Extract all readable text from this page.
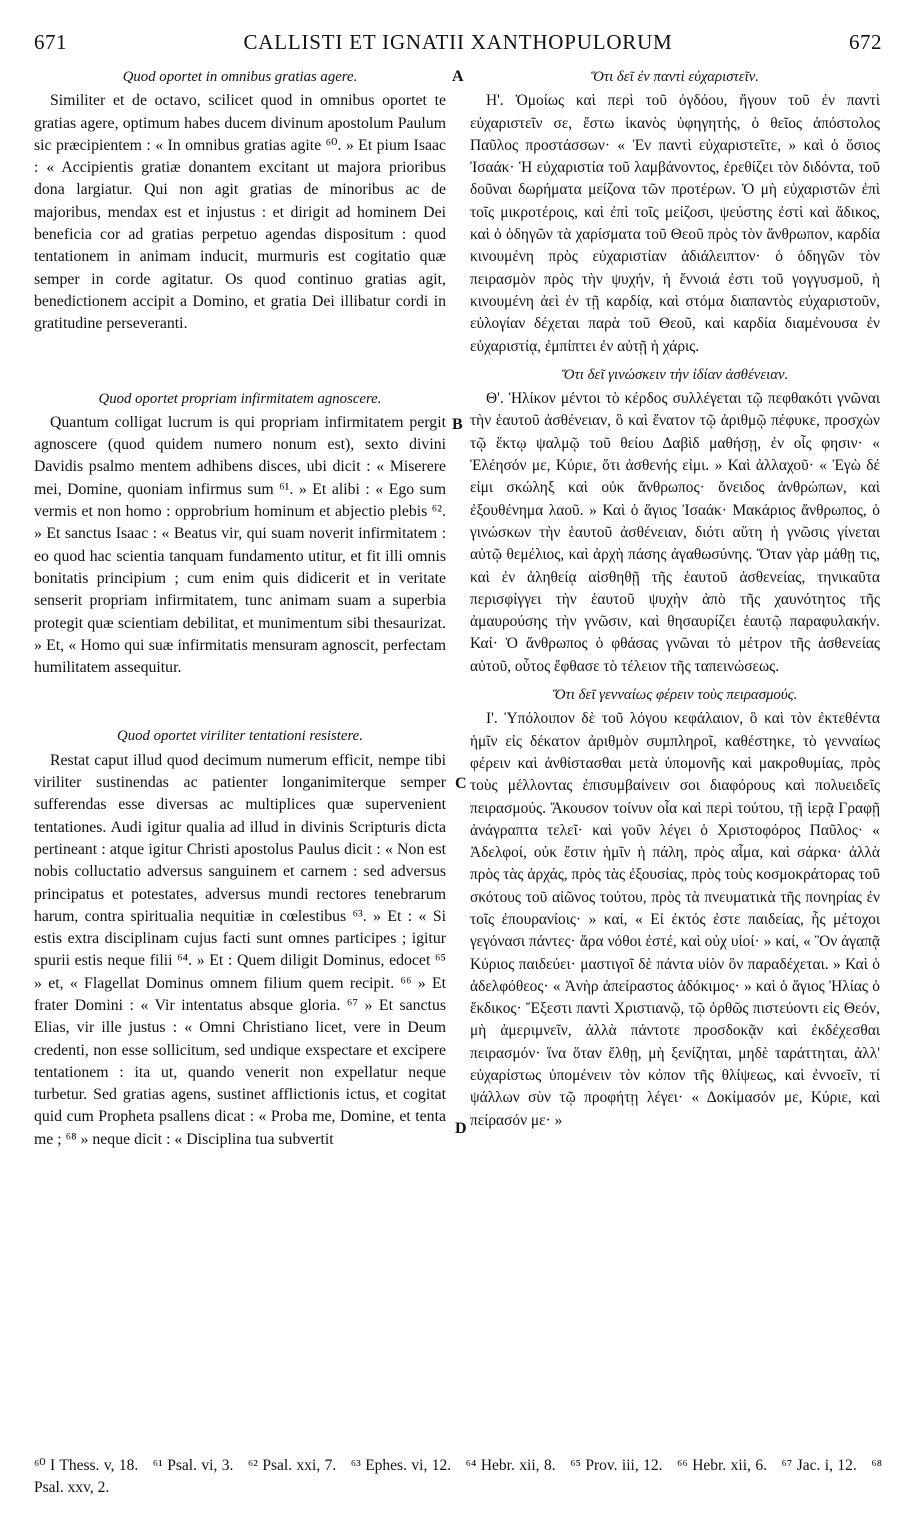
671	CALLISTI ET IGNATII XANTHOPULORUM	672

Quod oportet in omnibus gratias agere.

Similiter et de octavo, scilicet quod in omnibus oportet te gratias agere, optimum habes ducem divinum apostolum Paulum sic præcipientem : « In omnibus gratias agite ⁶⁰. » Et pium Isaac : « Accipientis gratiæ donantem excitant ut majora prioribus dona largiatur. Qui non agit gratias de minoribus ac de majoribus, mendax est et injustus : et dirigit ad hominem Dei beneficia cor ad gratias perpetuo agendas dispositum : quod tentationem in animam inducit, murmuris est cogitatio quæ semper in corde agitatur. Os quod continuo gratias agit, benedictionem accipit a Domino, et gratia Dei illibatur cordi in gratitudine perseveranti.

Quod oportet propriam infirmitatem agnoscere.

Quantum colligat lucrum is qui propriam infirmitatem pergit agnoscere (quod quidem numero nonum est), sexto divini Davidis psalmo mentem adhibens disces, ubi dicit : « Miserere mei, Domine, quoniam infirmus sum ⁶¹. » Et alibi : « Ego sum vermis et non homo : opprobrium hominum et abjectio plebis ⁶². » Et sanctus Isaac : « Beatus vir, qui suam noverit infirmitatem : eo quod hac scientia tanquam fundamento utitur, et fit illi omnis bonitatis principium ; cum enim quis didicerit et in veritate senserit propriam infirmitatem, tunc animam suam a superbia protegit quæ scientiam debilitat, et munimentum sibi thesaurizat. » Et, « Homo qui suæ infirmitatis mensuram agnoscit, perfectam humilitatem assequitur.

Quod oportet viriliter tentationi resistere.

Restat caput illud quod decimum numerum efficit, nempe tibi viriliter sustinendas ac patienter longanimiterque semper sufferendas esse diversas ac multiplices quæ supervenient tentationes. Audi igitur qualia ad illud in divinis Scripturis dicta pertineant : atque igitur Christi apostolus Paulus dicit : « Non est nobis colluctatio adversus sanguinem et carnem : sed adversus principatus et potestates, adversus mundi rectores tenebrarum harum, contra spiritualia nequitiæ in cœlestibus ⁶³. » Et : « Si estis extra disciplinam cujus facti sunt omnes participes ; igitur spurii estis neque filii ⁶⁴. » Et : Quem diligit Dominus, edocet ⁶⁵ » et, « Flagellat Dominus omnem filium quem recipit. ⁶⁶ » Et frater Domini : « Vir intentatus absque gloria. ⁶⁷ » Et sanctus Elias, vir ille justus : « Omni Christiano licet, vere in Deum credenti, non esse sollicitum, sed undique exspectare et excipere tentationem : ita ut, quando venerit non expellatur neque turbetur. Sed gratias agens, sustinet afflictionis ictus, et cogitat quid cum Propheta psallens dicat : « Proba me, Domine, et tenta me ; ⁶⁸ » neque dicit : « Disciplina tua subvertit

Ὅτι δεῖ ἐν παντὶ εὐχαριστεῖν.

Η'. Ὁμοίως καὶ περὶ τοῦ ὀγδόου, ἤγουν τοῦ ἐν παντὶ εὐχαριστεῖν σε, ἔστω ἱκανὸς ὑφηγητής, ὁ θεῖος ἀπόστολος Παῦλος προστάσσων· « Ἐν παντὶ εὐχαριστεῖτε, » καὶ ὁ ὅσιος Ἰσαάκ· Ἡ εὐχαριστία τοῦ λαμβάνοντος, ἐρεθίζει τὸν διδόντα, τοῦ δοῦναι δωρήματα μείζονα τῶν προτέρων. Ὁ μὴ εὐχαριστῶν ἐπὶ τοῖς μικροτέροις, καὶ ἐπὶ τοῖς μείζοσι, ψεύστης ἐστὶ καὶ ἄδικος, καὶ ὁ ὁδηγῶν τὰ χαρίσματα τοῦ Θεοῦ πρὸς τὸν ἄνθρωπον, καρδία κινουμένη πρὸς εὐχαριστίαν ἀδιάλειπτον· ὁ ὁδηγῶν τὸν πειρασμὸν πρὸς τὴν ψυχήν, ἡ ἔννοιά ἐστι τοῦ γογγυσμοῦ, ἡ κινουμένη ἀεὶ ἐν τῇ καρδίᾳ, καὶ στόμα διαπαντὸς εὐχαριστοῦν, εὐλογίαν δέχεται παρὰ τοῦ Θεοῦ, καὶ καρδία διαμένουσα ἐν εὐχαριστίᾳ, ἐμπίπτει ἐν αὐτῇ ἡ χάρις.

Ὅτι δεῖ γινώσκειν τὴν ἰδίαν ἀσθένειαν.

Θ'. Ἡλίκον μέντοι τὸ κέρδος συλλέγεται τῷ πεφθακότι γνῶναι τὴν ἑαυτοῦ ἀσθένειαν, ὃ καὶ ἔνατον τῷ ἀριθμῷ πέφυκε, προσχὼν τῷ ἕκτῳ ψαλμῷ τοῦ θείου Δαβὶδ μαθήσῃ, ἐν οἷς φησιν· « Ἐλέησόν με, Κύριε, ὅτι ἀσθενής εἰμι. » Καὶ ἀλλαχοῦ· « Ἐγὼ δέ εἰμι σκώληξ καὶ οὐκ ἄνθρωπος· ὄνειδος ἀνθρώπων, καὶ ἐξουθένημα λαοῦ. » Καὶ ὁ ἅγιος Ἰσαάκ· Μακάριος ἄνθρωπος, ὁ γινώσκων τὴν ἑαυτοῦ ἀσθένειαν, διότι αὕτη ἡ γνῶσις γίνεται αὐτῷ θεμέλιος, καὶ ἀρχὴ πάσης ἀγαθωσύνης. Ὅταν γὰρ μάθῃ τις, καὶ ἐν ἀληθείᾳ αἰσθηθῇ τῆς ἑαυτοῦ ἀσθενείας, τηνικαῦτα περισφίγγει τὴν ἑαυτοῦ ψυχὴν ἀπὸ τῆς χαυνότητος τῆς ἀμαυρούσης τὴν γνῶσιν, καὶ θησαυρίζει ἑαυτῷ παραφυλακήν. Καί· Ὁ ἄνθρωπος ὁ φθάσας γνῶναι τὸ μέτρον τῆς ἀσθενείας αὐτοῦ, οὗτος ἔφθασε τὸ τέλειον τῆς ταπεινώσεως.

Ὅτι δεῖ γενναίως φέρειν τοὺς πειρασμούς.

Ι'. Ὑπόλοιπον δὲ τοῦ λόγου κεφάλαιον, ὃ καὶ τὸν ἐκτεθέντα ἡμῖν εἰς δέκατον ἀριθμὸν συμπληροῖ, καθέστηκε, τὸ γενναίως φέρειν καὶ ἀνθίστασθαι μετὰ ὑπομονῆς καὶ μακροθυμίας, πρὸς τοὺς μέλλοντας ἐπισυμβαίνειν σοι διαφόρους καὶ πολυειδεῖς πειρασμούς. Ἄκουσον τοίνυν οἷα καὶ περὶ τούτου, τῇ ἱερᾷ Γραφῇ ἀνάγραπτα τελεῖ· καὶ γοῦν λέγει ὁ Χριστοφόρος Παῦλος· « Ἀδελφοί, οὐκ ἔστιν ἡμῖν ἡ πάλη, πρὸς αἷμα, καὶ σάρκα· ἀλλὰ πρὸς τὰς ἀρχάς, πρὸς τὰς ἐξουσίας, πρὸς τοὺς κοσμοκράτορας τοῦ σκότους τοῦ αἰῶνος τούτου, πρὸς τὰ πνευματικὰ τῆς πονηρίας ἐν τοῖς ἐπουρανίοις· » καί, « Εἰ ἐκτός ἐστε παιδείας, ἧς μέτοχοι γεγόνασι πάντες· ἄρα νόθοι ἐστέ, καὶ οὐχ υἱοί· » καί, « Ὃν ἀγαπᾷ Κύριος παιδεύει· μαστιγοῖ δὲ πάντα υἱὸν ὃν παραδέχεται. » Καὶ ὁ ἀδελφόθεος· « Ἀνὴρ ἀπείραστος ἀδόκιμος· » καὶ ὁ ἅγιος Ἠλίας ὁ ἔκδικος· Ἔξεστι παντὶ Χριστιανῷ, τῷ ὀρθῶς πιστεύοντι εἰς Θεόν, μὴ ἀμεριμνεῖν, ἀλλὰ πάντοτε προσδοκᾷν καὶ ἐκδέχεσθαι πειρασμόν· ἵνα ὅταν ἔλθῃ, μὴ ξενίζηται, μηδὲ ταράττηται, ἀλλ' εὐχαρίστως ὑπομένειν τὸν κόπον τῆς θλίψεως, καὶ ἐννοεῖν, τί ψάλλων σὺν τῷ προφήτῃ λέγει· « Δοκίμασόν με, Κύριε, καὶ πείρασόν με· »

A
B
C
D
⁶⁰ I Thess. v, 18. ⁶¹ Psal. vi, 3. ⁶² Psal. xxi, 7. ⁶³ Ephes. vi, 12. ⁶⁴ Hebr. xii, 8. ⁶⁵ Prov. iii, 12. ⁶⁶ Hebr. xii, 6. ⁶⁷ Jac. i, 12. ⁶⁸ Psal. xxv, 2.
